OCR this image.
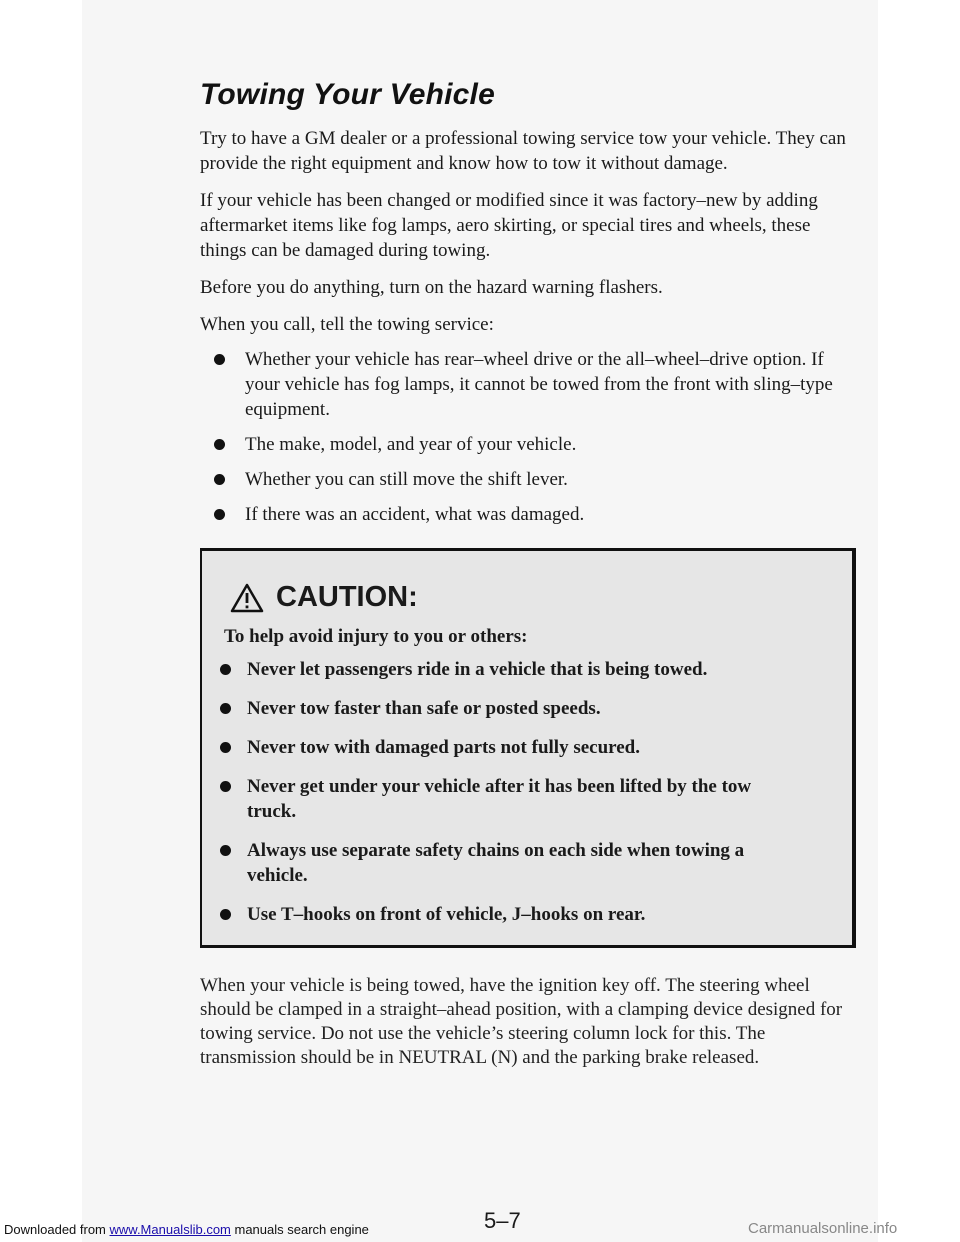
Towing Your Vehicle

Try to have a GM dealer or a professional towing service tow your vehicle. They can provide the right equipment and know how to tow it without damage.

If your vehicle has been changed or modified since it was factory–new by adding aftermarket items like fog lamps, aero skirting, or special tires and wheels, these things can be damaged during towing.

Before you do anything, turn on the hazard warning flashers.

When you call, tell the towing service:

Whether your vehicle has rear–wheel drive or the all–wheel–drive option. If your vehicle has fog lamps, it cannot be towed from the front with sling–type equipment.
The make, model, and year of your vehicle.
Whether you can still move the shift lever.
If there was an accident, what was damaged.
CAUTION:
To help avoid injury to you or others:
Never let passengers ride in a vehicle that is being towed.
Never tow faster than safe or posted speeds.
Never tow with damaged parts not fully secured.
Never get under your vehicle after it has been lifted by the tow truck.
Always use separate safety chains on each side when towing a vehicle.
Use T–hooks on front of vehicle, J–hooks on rear.

When your vehicle is being towed, have the ignition key off. The steering wheel should be clamped in a straight–ahead position, with a clamping device designed for towing service. Do not use the vehicle’s steering column lock for this. The transmission should be in NEUTRAL (N) and the parking brake released.

5–7
Downloaded from www.Manualslib.com manuals search engine	Carmanualsonline.info
